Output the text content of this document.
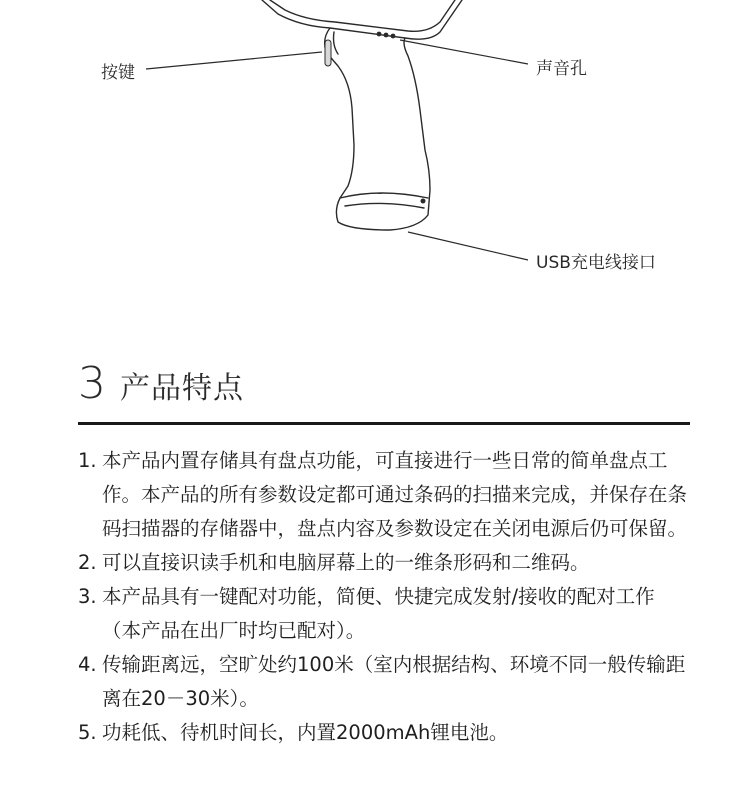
按键	声音孔
USB充电线接口
3 产品特点
1. 本产品内置存储具有盘点功能，可直接进行一些日常的简单盘点工作。本产品的所有参数设定都可通过条码的扫描来完成，并保存在条码扫描器的存储器中，盘点内容及参数设定在关闭电源后仍可保留。
2. 可以直接识读手机和电脑屏幕上的一维条形码和二维码。
3. 本产品具有一键配对功能，简便、快捷完成发射/接收的配对工作（本产品在出厂时均已配对）。
4. 传输距离远，空旷处约100米（室内根据结构、环境不同一般传输距离在20－30米）。
5. 功耗低、待机时间长，内置2000mAh锂电池。
